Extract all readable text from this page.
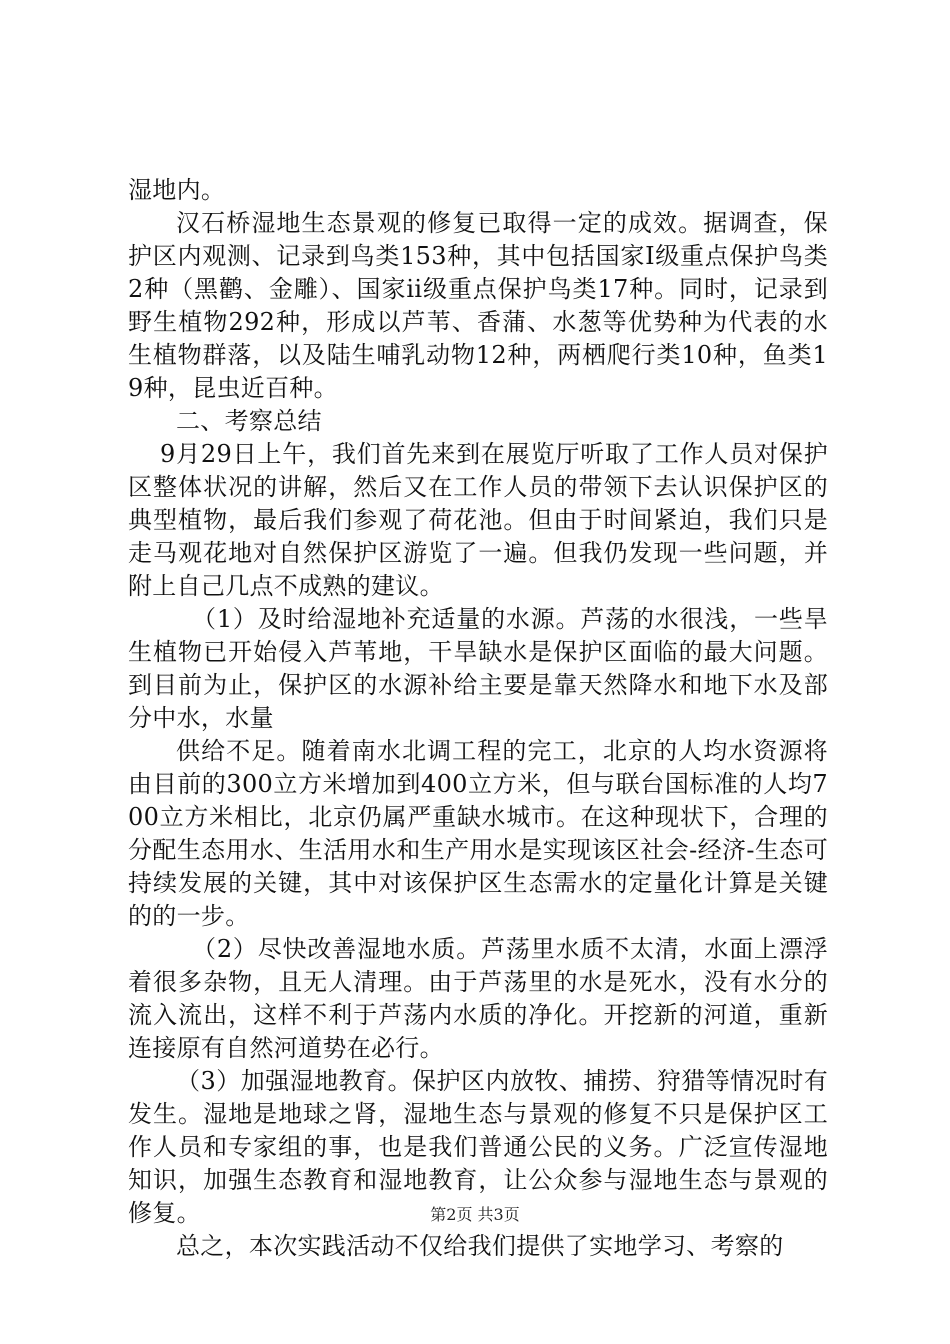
湿地内。

汉石桥湿地生态景观的修复已取得一定的成效。据调查，保护区内观测、记录到鸟类153种，其中包括国家Ⅰ级重点保护鸟类2种（黑鹳、金雕）、国家ii级重点保护鸟类17种。同时，记录到野生植物292种，形成以芦苇、香蒲、水葱等优势种为代表的水生植物群落，以及陆生哺乳动物12种，两栖爬行类10种，鱼类19种，昆虫近百种。

二、考察总结

9月29日上午，我们首先来到在展览厅听取了工作人员对保护区整体状况的讲解，然后又在工作人员的带领下去认识保护区的典型植物，最后我们参观了荷花池。但由于时间紧迫，我们只是走马观花地对自然保护区游览了一遍。但我仍发现一些问题，并附上自己几点不成熟的建议。

（1）及时给湿地补充适量的水源。芦荡的水很浅，一些旱生植物已开始侵入芦苇地，干旱缺水是保护区面临的最大问题。到目前为止，保护区的水源补给主要是靠天然降水和地下水及部分中水，水量

供给不足。随着南水北调工程的完工，北京的人均水资源将由目前的300立方米增加到400立方米，但与联台国标准的人均700立方米相比，北京仍属严重缺水城市。在这种现状下，合理的分配生态用水、生活用水和生产用水是实现该区社会-经济-生态可持续发展的关键，其中对该保护区生态需水的定量化计算是关键的的一步。

（2）尽快改善湿地水质。芦荡里水质不太清，水面上漂浮着很多杂物，且无人清理。由于芦荡里的水是死水，没有水分的流入流出，这样不利于芦荡内水质的净化。开挖新的河道，重新连接原有自然河道势在必行。

（3）加强湿地教育。保护区内放牧、捕捞、狩猎等情况时有发生。湿地是地球之肾，湿地生态与景观的修复不只是保护区工作人员和专家组的事，也是我们普通公民的义务。广泛宣传湿地知识，加强生态教育和湿地教育，让公众参与湿地生态与景观的修复。

总之，本次实践活动不仅给我们提供了实地学习、考察的

第2页 共3页
